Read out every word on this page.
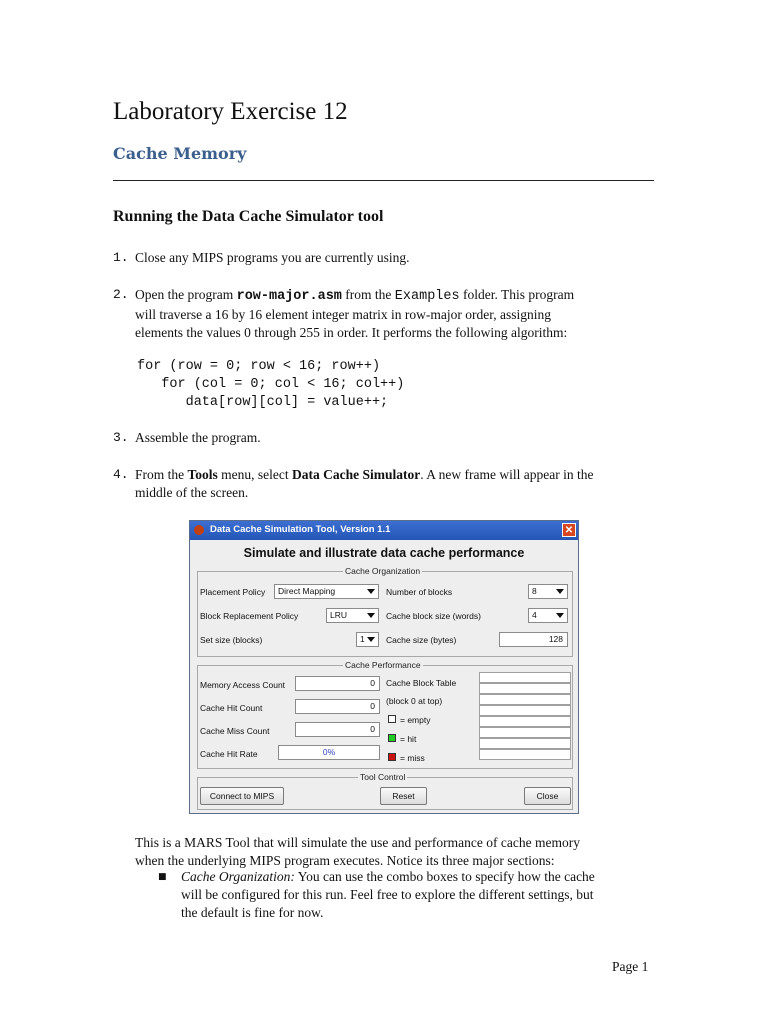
Laboratory Exercise 12
Cache Memory
Running the Data Cache Simulator tool
1. Close any MIPS programs you are currently using.
2. Open the program row-major.asm from the Examples folder. This program
will traverse a 16 by 16 element integer matrix in row-major order, assigning
elements the values 0 through 255 in order. It performs the following algorithm:
for (row = 0; row < 16; row++)
for (col = 0; col < 16; col++)
data[row][col] = value++;
3. Assemble the program.
4. From the Tools menu, select Data Cache Simulator. A new frame will appear in the
middle of the screen.
Data Cache Simulation Tool, Version 1.1	✕
Simulate and illustrate data cache performance
Cache Organization
Placement Policy	Direct Mapping
Block Replacement Policy	LRU
Set size (blocks)	1
Number of blocks	8
Cache block size (words)	4
Cache size (bytes)	128
Cache Performance
Memory Access Count	0
Cache Hit Count	0
Cache Miss Count	0
Cache Hit Rate	0%
Cache Block Table
(block 0 at top)
= empty
= hit
= miss
Tool Control
Connect to MIPS	Reset	Close
This is a MARS Tool that will simulate the use and performance of cache memory
when the underlying MIPS program executes. Notice its three major sections:
■ Cache Organization: You can use the combo boxes to specify how the cache
will be configured for this run. Feel free to explore the different settings, but
the default is fine for now.
Page 1
